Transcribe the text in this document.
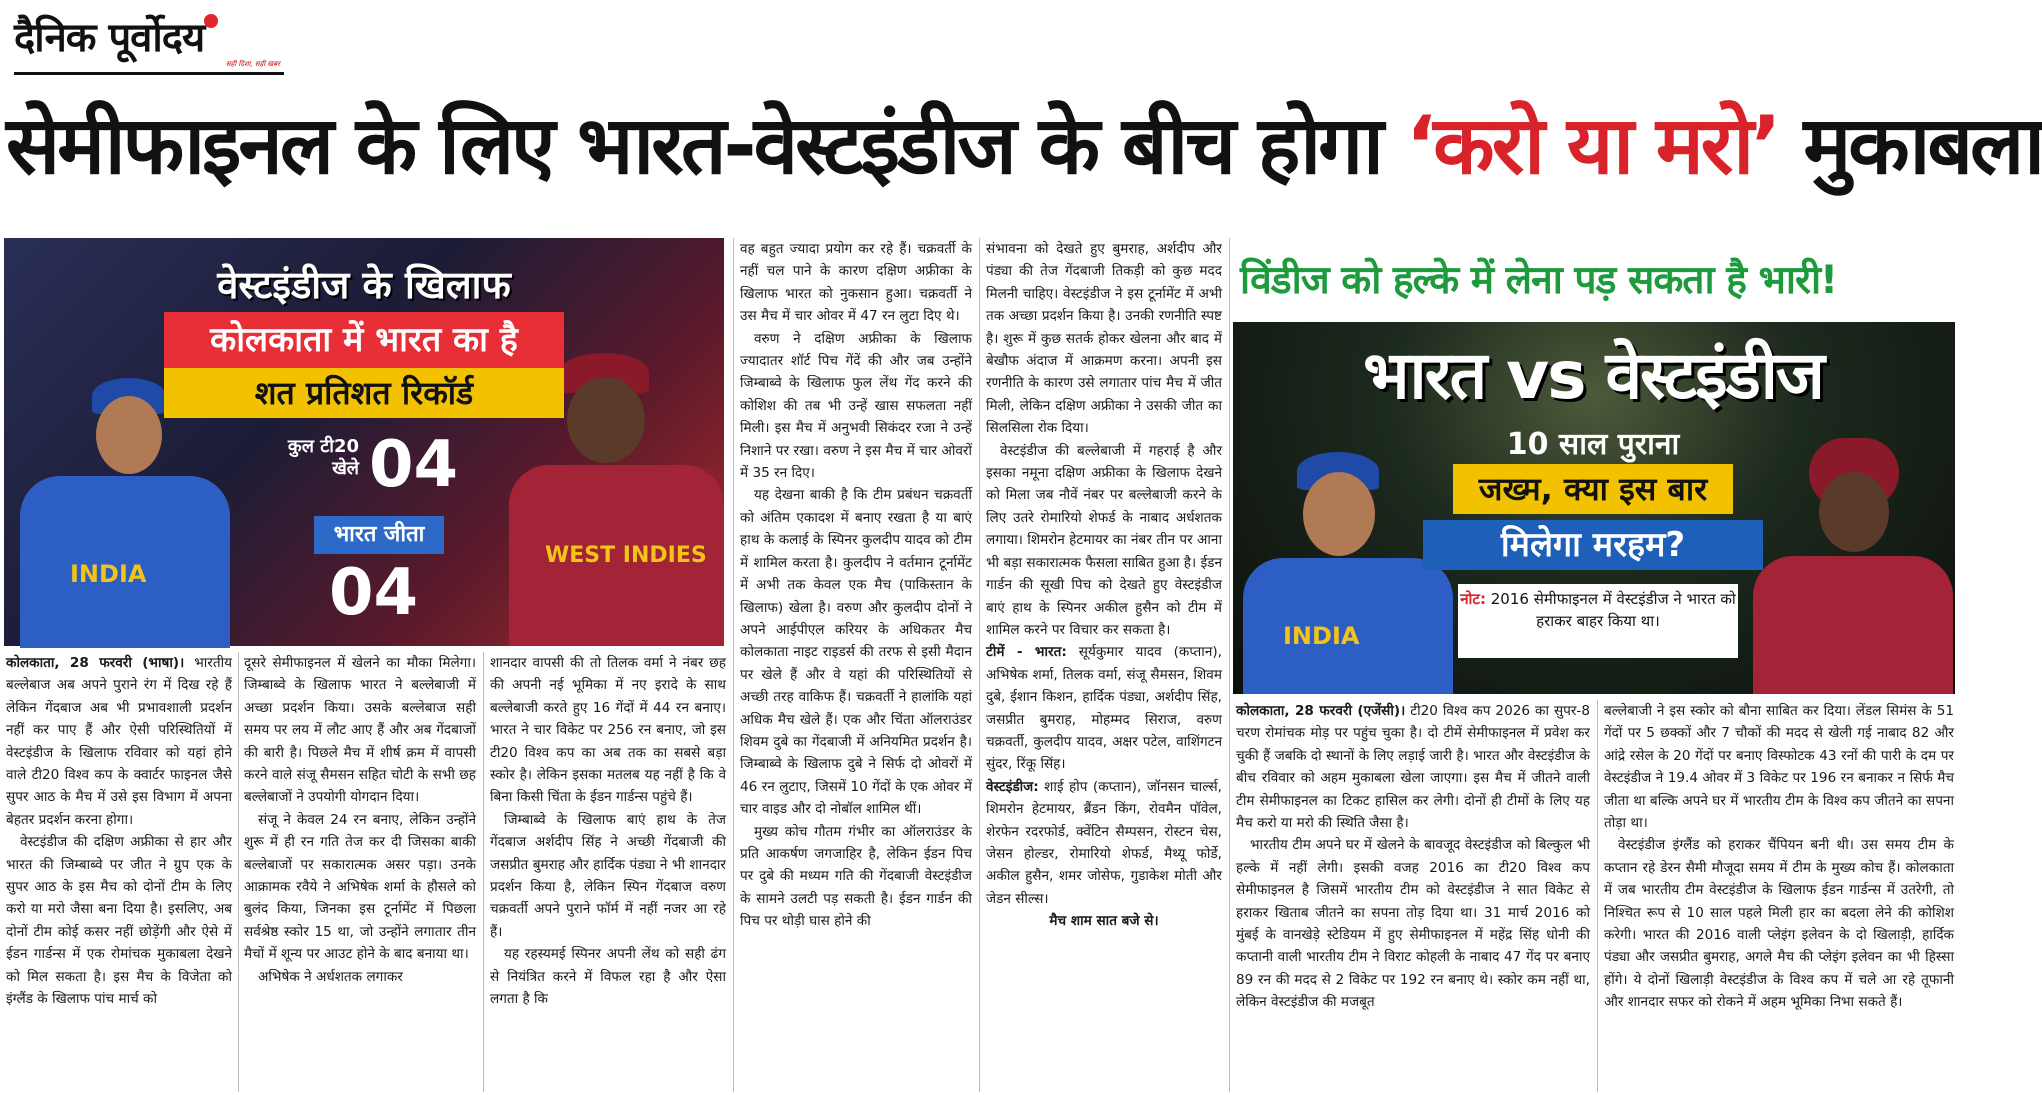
दैनिक पूर्वोदय
सही दिशा, सही खबर
सेमीफाइनल के लिए भारत-वेस्टइंडीज के बीच होगा ‘करो या मरो’ मुकाबला
INDIA
WEST INDIES
वेस्टइंडीज के खिलाफ
कोलकाता में भारत का है
शत प्रतिशत रिकॉर्ड
कुल टी20 खेले 04
भारत जीता
04
विंडीज को हल्के में लेना पड़ सकता है भारी!
INDIA
भारत vs वेस्टइंडीज
10 साल पुराना
जख्म, क्या इस बार
मिलेगा मरहम?
नोट: 2016 सेमीफाइनल में वेस्टइंडीज ने भारत को हराकर बाहर किया था।

कोलकाता, 28 फरवरी (भाषा)। भारतीय बल्लेबाज अब अपने पुराने रंग में दिख रहे हैं लेकिन गेंदबाज अब भी प्रभावशाली प्रदर्शन नहीं कर पाए हैं और ऐसी परिस्थितियों में वेस्टइंडीज के खिलाफ रविवार को यहां होने वाले टी20 विश्व कप के क्वार्टर फाइनल जैसे सुपर आठ के मैच में उसे इस विभाग में अपना बेहतर प्रदर्शन करना होगा।

वेस्टइंडीज की दक्षिण अफ्रीका से हार और भारत की जिम्बाब्वे पर जीत ने ग्रुप एक के सुपर आठ के इस मैच को दोनों टीम के लिए करो या मरो जैसा बना दिया है। इसलिए, अब दोनों टीम कोई कसर नहीं छोड़ेंगी और ऐसे में ईडन गार्डन्स में एक रोमांचक मुकाबला देखने को मिल सकता है। इस मैच के विजेता को इंग्लैंड के खिलाफ पांच मार्च को

दूसरे सेमीफाइनल में खेलने का मौका मिलेगा। जिम्बाब्वे के खिलाफ भारत ने बल्लेबाजी में अच्छा प्रदर्शन किया। उसके बल्लेबाज सही समय पर लय में लौट आए हैं और अब गेंदबाजों की बारी है। पिछले मैच में शीर्ष क्रम में वापसी करने वाले संजू सैमसन सहित चोटी के सभी छह बल्लेबाजों ने उपयोगी योगदान दिया।

संजू ने केवल 24 रन बनाए, लेकिन उन्होंने शुरू में ही रन गति तेज कर दी जिसका बाकी बल्लेबाजों पर सकारात्मक असर पड़ा। उनके आक्रामक रवैये ने अभिषेक शर्मा के हौसले को बुलंद किया, जिनका इस टूर्नामेंट में पिछला सर्वश्रेष्ठ स्कोर 15 था, जो उन्होंने लगातार तीन मैचों में शून्य पर आउट होने के बाद बनाया था।

अभिषेक ने अर्धशतक लगाकर

शानदार वापसी की तो तिलक वर्मा ने नंबर छह की अपनी नई भूमिका में नए इरादे के साथ बल्लेबाजी करते हुए 16 गेंदों में 44 रन बनाए। भारत ने चार विकेट पर 256 रन बनाए, जो इस टी20 विश्व कप का अब तक का सबसे बड़ा स्कोर है। लेकिन इसका मतलब यह नहीं है कि वे बिना किसी चिंता के ईडन गार्डन्स पहुंचे हैं।

जिम्बाब्वे के खिलाफ बाएं हाथ के तेज गेंदबाज अर्शदीप सिंह ने अच्छी गेंदबाजी की जसप्रीत बुमराह और हार्दिक पंड्या ने भी शानदार प्रदर्शन किया है, लेकिन स्पिन गेंदबाज वरुण चक्रवर्ती अपने पुराने फॉर्म में नहीं नजर आ रहे हैं।

यह रहस्यमई स्पिनर अपनी लेंथ को सही ढंग से नियंत्रित करने में विफल रहा है और ऐसा लगता है कि

वह बहुत ज्यादा प्रयोग कर रहे हैं। चक्रवर्ती के नहीं चल पाने के कारण दक्षिण अफ्रीका के खिलाफ भारत को नुकसान हुआ। चक्रवर्ती ने उस मैच में चार ओवर में 47 रन लुटा दिए थे।

वरुण ने दक्षिण अफ्रीका के खिलाफ ज्यादातर शॉर्ट पिच गेंदें की और जब उन्होंने जिम्बाब्वे के खिलाफ फुल लेंथ गेंद करने की कोशिश की तब भी उन्हें खास सफलता नहीं मिली। इस मैच में अनुभवी सिकंदर रजा ने उन्हें निशाने पर रखा। वरुण ने इस मैच में चार ओवरों में 35 रन दिए।

यह देखना बाकी है कि टीम प्रबंधन चक्रवर्ती को अंतिम एकादश में बनाए रखता है या बाएं हाथ के कलाई के स्पिनर कुलदीप यादव को टीम में शामिल करता है। कुलदीप ने वर्तमान टूर्नामेंट में अभी तक केवल एक मैच (पाकिस्तान के खिलाफ) खेला है। वरुण और कुलदीप दोनों ने अपने आईपीएल करियर के अधिकतर मैच कोलकाता नाइट राइडर्स की तरफ से इसी मैदान पर खेले हैं और वे यहां की परिस्थितियों से अच्छी तरह वाकिफ हैं। चक्रवर्ती ने हालांकि यहां अधिक मैच खेले हैं। एक और चिंता ऑलराउंडर शिवम दुबे का गेंदबाजी में अनियमित प्रदर्शन है। जिम्बाब्वे के खिलाफ दुबे ने सिर्फ दो ओवरों में 46 रन लुटाए, जिसमें 10 गेंदों के एक ओवर में चार वाइड और दो नोबॉल शामिल थीं।

मुख्य कोच गौतम गंभीर का ऑलराउंडर के प्रति आकर्षण जगजाहिर है, लेकिन ईडन पिच पर दुबे की मध्यम गति की गेंदबाजी वेस्टइंडीज के सामने उलटी पड़ सकती है। ईडन गार्डन की पिच पर थोड़ी घास होने की

संभावना को देखते हुए बुमराह, अर्शदीप और पंड्या की तेज गेंदबाजी तिकड़ी को कुछ मदद मिलनी चाहिए। वेस्टइंडीज ने इस टूर्नामेंट में अभी तक अच्छा प्रदर्शन किया है। उनकी रणनीति स्पष्ट है। शुरू में कुछ सतर्क होकर खेलना और बाद में बेखौफ अंदाज में आक्रमण करना। अपनी इस रणनीति के कारण उसे लगातार पांच मैच में जीत मिली, लेकिन दक्षिण अफ्रीका ने उसकी जीत का सिलसिला रोक दिया।

वेस्टइंडीज की बल्लेबाजी में गहराई है और इसका नमूना दक्षिण अफ्रीका के खिलाफ देखने को मिला जब नौवें नंबर पर बल्लेबाजी करने के लिए उतरे रोमारियो शेफर्ड के नाबाद अर्धशतक लगाया। शिमरोन हेटमायर का नंबर तीन पर आना भी बड़ा सकारात्मक फैसला साबित हुआ है। ईडन गार्डन की सूखी पिच को देखते हुए वेस्टइंडीज बाएं हाथ के स्पिनर अकील हुसैन को टीम में शामिल करने पर विचार कर सकता है।

टीमें - भारत: सूर्यकुमार यादव (कप्तान), अभिषेक शर्मा, तिलक वर्मा, संजू सैमसन, शिवम दुबे, ईशान किशन, हार्दिक पंड्या, अर्शदीप सिंह, जसप्रीत बुमराह, मोहम्मद सिराज, वरुण चक्रवर्ती, कुलदीप यादव, अक्षर पटेल, वाशिंगटन सुंदर, रिंकू सिंह।

वेस्टइंडीज: शाई होप (कप्तान), जॉनसन चार्ल्स, शिमरोन हेटमायर, ब्रैंडन किंग, रोवमैन पॉवेल, शेरफेन रदरफोर्ड, क्वेंटिन सैम्पसन, रोस्टन चेस, जेसन होल्डर, रोमारियो शेफर्ड, मैथ्यू फोर्डे, अकील हुसैन, शमर जोसेफ, गुडाकेश मोती और जेडन सील्स।

मैच शाम सात बजे से।

कोलकाता, 28 फरवरी (एजेंसी)। टी20 विश्व कप 2026 का सुपर-8 चरण रोमांचक मोड़ पर पहुंच चुका है। दो टीमें सेमीफाइनल में प्रवेश कर चुकी हैं जबकि दो स्थानों के लिए लड़ाई जारी है। भारत और वेस्टइंडीज के बीच रविवार को अहम मुकाबला खेला जाएगा। इस मैच में जीतने वाली टीम सेमीफाइनल का टिकट हासिल कर लेगी। दोनों ही टीमों के लिए यह मैच करो या मरो की स्थिति जैसा है।

भारतीय टीम अपने घर में खेलने के बावजूद वेस्टइंडीज को बिल्कुल भी हल्के में नहीं लेगी। इसकी वजह 2016 का टी20 विश्व कप सेमीफाइनल है जिसमें भारतीय टीम को वेस्टइंडीज ने सात विकेट से हराकर खिताब जीतने का सपना तोड़ दिया था। 31 मार्च 2016 को मुंबई के वानखेड़े स्टेडियम में हुए सेमीफाइनल में महेंद्र सिंह धोनी की कप्तानी वाली भारतीय टीम ने विराट कोहली के नाबाद 47 गेंद पर बनाए 89 रन की मदद से 2 विकेट पर 192 रन बनाए थे। स्कोर कम नहीं था, लेकिन वेस्टइंडीज की मजबूत

बल्लेबाजी ने इस स्कोर को बौना साबित कर दिया। लेंडल सिमंस के 51 गेंदों पर 5 छक्कों और 7 चौकों की मदद से खेली गई नाबाद 82 और आंद्रे रसेल के 20 गेंदों पर बनाए विस्फोटक 43 रनों की पारी के दम पर वेस्टइंडीज ने 19.4 ओवर में 3 विकेट पर 196 रन बनाकर न सिर्फ मैच जीता था बल्कि अपने घर में भारतीय टीम के विश्व कप जीतने का सपना तोड़ा था।

वेस्टइंडीज इंग्लैंड को हराकर चैंपियन बनी थी। उस समय टीम के कप्तान रहे डेरन सैमी मौजूदा समय में टीम के मुख्य कोच हैं। कोलकाता में जब भारतीय टीम वेस्टइंडीज के खिलाफ ईडन गार्डन्स में उतरेगी, तो निश्चित रूप से 10 साल पहले मिली हार का बदला लेने की कोशिश करेगी। भारत की 2016 वाली प्लेइंग इलेवन के दो खिलाड़ी, हार्दिक पंड्या और जसप्रीत बुमराह, अगले मैच की प्लेइंग इलेवन का भी हिस्सा होंगे। ये दोनों खिलाड़ी वेस्टइंडीज के विश्व कप में चले आ रहे तूफानी और शानदार सफर को रोकने में अहम भूमिका निभा सकते हैं।
